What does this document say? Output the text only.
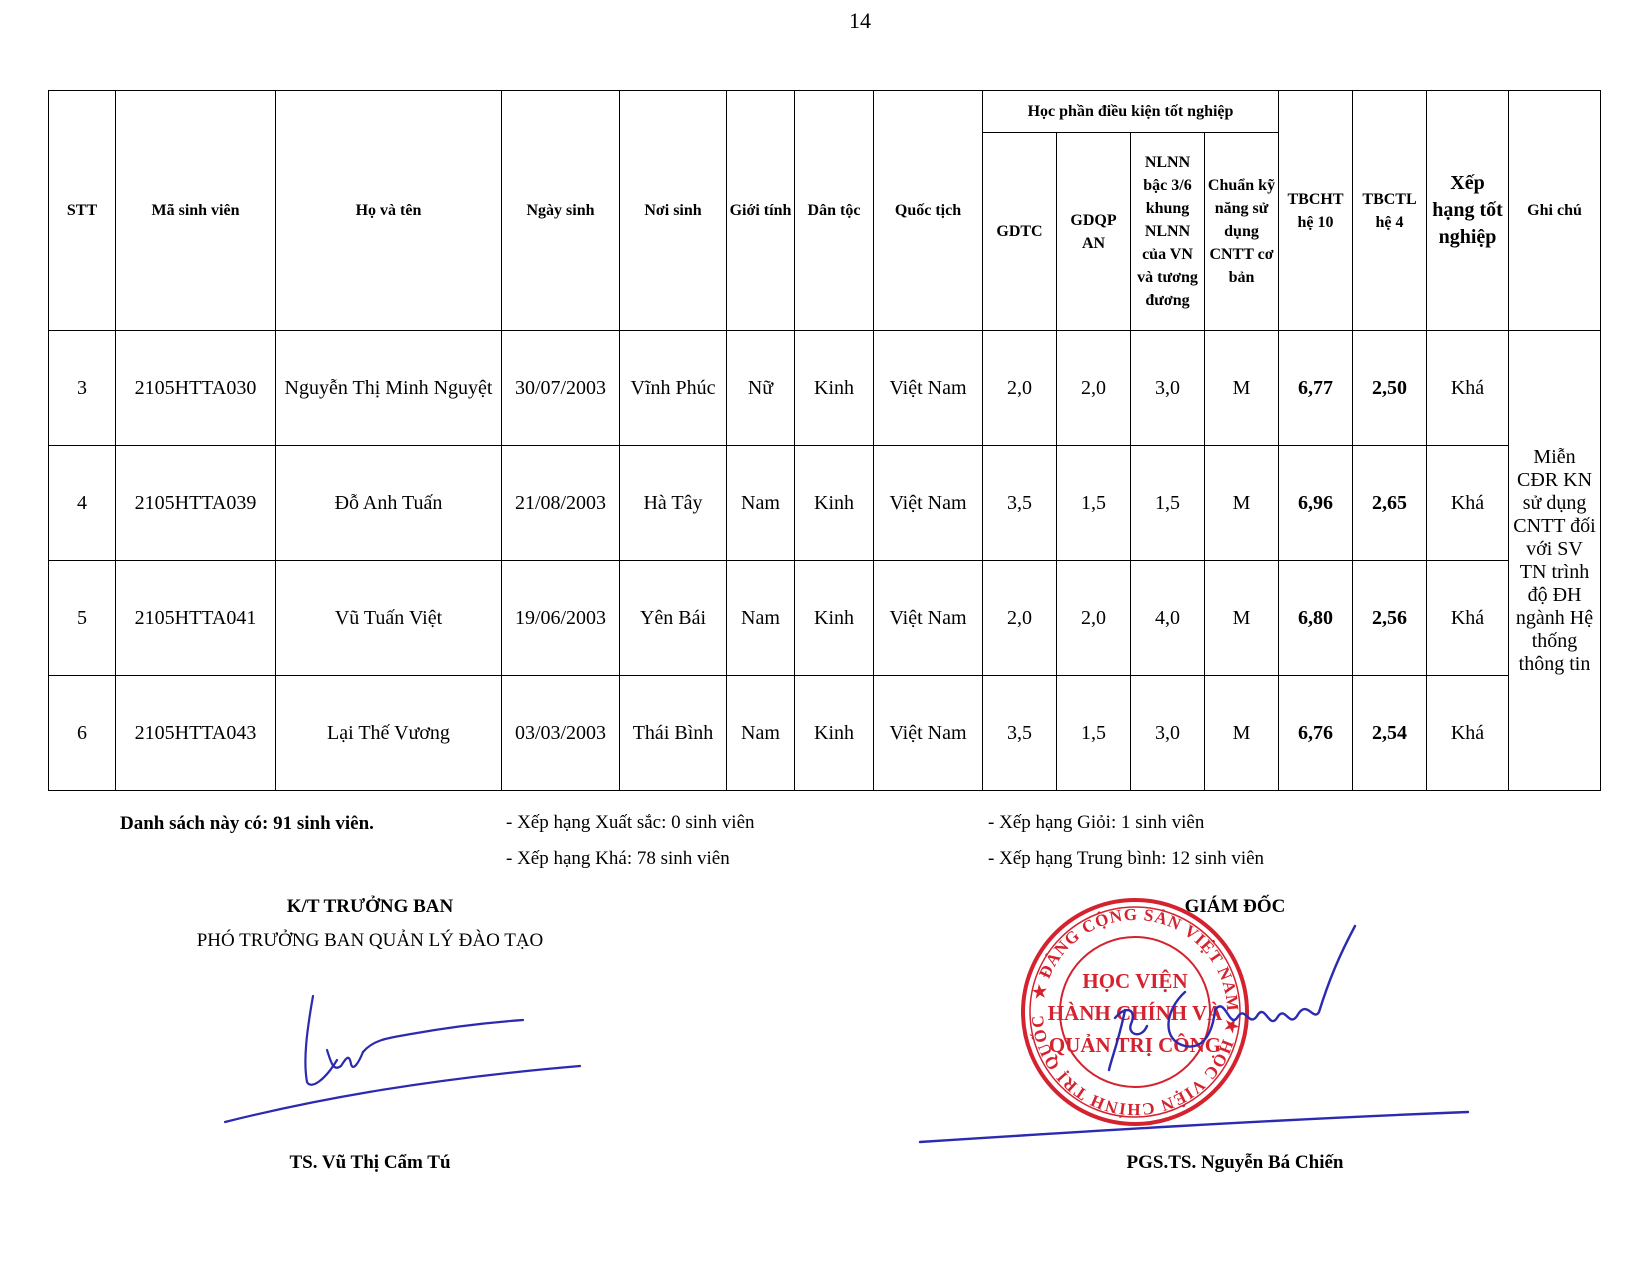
14
STT	Mã sinh viên	Họ và tên	Ngày sinh	Nơi sinh	Giới tính	Dân tộc	Quốc tịch	Học phần điều kiện tốt nghiệp				TBCHT hệ 10	TBCTL hệ 4	Xếp hạng tốt nghiệp	Ghi chú
								GDTC	GDQP AN	NLNN bậc 3/6 khung NLNN của VN và tương đương	Chuẩn kỹ năng sử dụng CNTT cơ bản				
3	2105HTTA030	Nguyễn Thị Minh Nguyệt	30/07/2003	Vĩnh Phúc	Nữ	Kinh	Việt Nam	2,0	2,0	3,0	M	6,77	2,50	Khá	Miễn CĐR KN sử dụng CNTT đối với SV TN trình độ ĐH ngành Hệ thống thông tin
4	2105HTTA039	Đỗ Anh Tuấn	21/08/2003	Hà Tây	Nam	Kinh	Việt Nam	3,5	1,5	1,5	M	6,96	2,65	Khá	
5	2105HTTA041	Vũ Tuấn Việt	19/06/2003	Yên Bái	Nam	Kinh	Việt Nam	2,0	2,0	4,0	M	6,80	2,56	Khá	
6	2105HTTA043	Lại Thế Vương	03/03/2003	Thái Bình	Nam	Kinh	Việt Nam	3,5	1,5	3,0	M	6,76	2,54	Khá	
Danh sách này có: 91 sinh viên.	- Xếp hạng Xuất sắc: 0 sinh viên
- Xếp hạng Khá: 78 sinh viên
- Xếp hạng Giỏi: 1 sinh viên
- Xếp hạng Trung bình: 12 sinh viên
K/T TRƯỞNG BAN
PHÓ TRƯỞNG BAN QUẢN LÝ ĐÀO TẠO
TS. Vũ Thị Cẩm Tú
GIÁM ĐỐC
PGS.TS. Nguyễn Bá Chiến
★ ĐẢNG CỘNG SẢN VIỆT NAM ★ HỌC VIỆN CHÍNH TRỊ QUỐC GIA HỒ CHÍ MINH
HỌC VIỆN
HÀNH CHÍNH VÀ
QUẢN TRỊ CÔNG
